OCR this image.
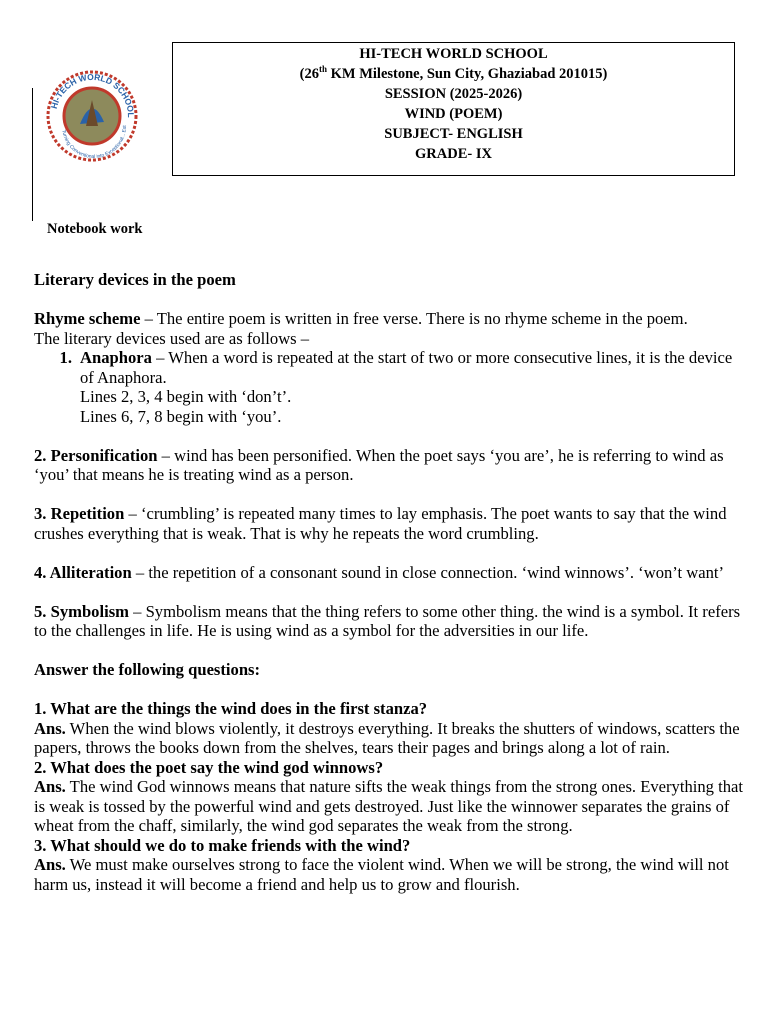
HI-TECH WORLD SCHOOL
Turning Conventional into Exceptional... Est
HI-TECH WORLD SCHOOL
(26th KM Milestone, Sun City, Ghaziabad 201015)
SESSION (2025-2026)
WIND (POEM)
SUBJECT- ENGLISH
GRADE- IX
Notebook work

Literary devices in the poem

Rhyme scheme – The entire poem is written in free verse. There is no rhyme scheme in the poem.

The literary devices used are as follows –

1. Anaphora – When a word is repeated at the start of two or more consecutive lines, it is the device of Anaphora.

Lines 2, 3, 4 begin with ‘don’t’.

Lines 6, 7, 8 begin with ‘you’.

2. Personification – wind has been personified. When the poet says ‘you are’, he is referring to wind as ‘you’ that means he is treating wind as a person.

3. Repetition – ‘crumbling’ is repeated many times to lay emphasis. The poet wants to say that the wind crushes everything that is weak. That is why he repeats the word crumbling.

4. Alliteration – the repetition of a consonant sound in close connection. ‘wind winnows’. ‘won’t want’

5. Symbolism – Symbolism means that the thing refers to some other thing. the wind is a symbol. It refers to the challenges in life. He is using wind as a symbol for the adversities in our life.

Answer the following questions:

1. What are the things the wind does in the first stanza?

Ans. When the wind blows violently, it destroys everything. It breaks the shutters of windows, scatters the papers, throws the books down from the shelves, tears their pages and brings along a lot of rain.

2. What does the poet say the wind god winnows?

Ans. The wind God winnows means that nature sifts the weak things from the strong ones. Everything that is weak is tossed by the powerful wind and gets destroyed. Just like the winnower separates the grains of wheat from the chaff, similarly, the wind god separates the weak from the strong.

3. What should we do to make friends with the wind?

Ans. We must make ourselves strong to face the violent wind. When we will be strong, the wind will not harm us, instead it will become a friend and help us to grow and flourish.
